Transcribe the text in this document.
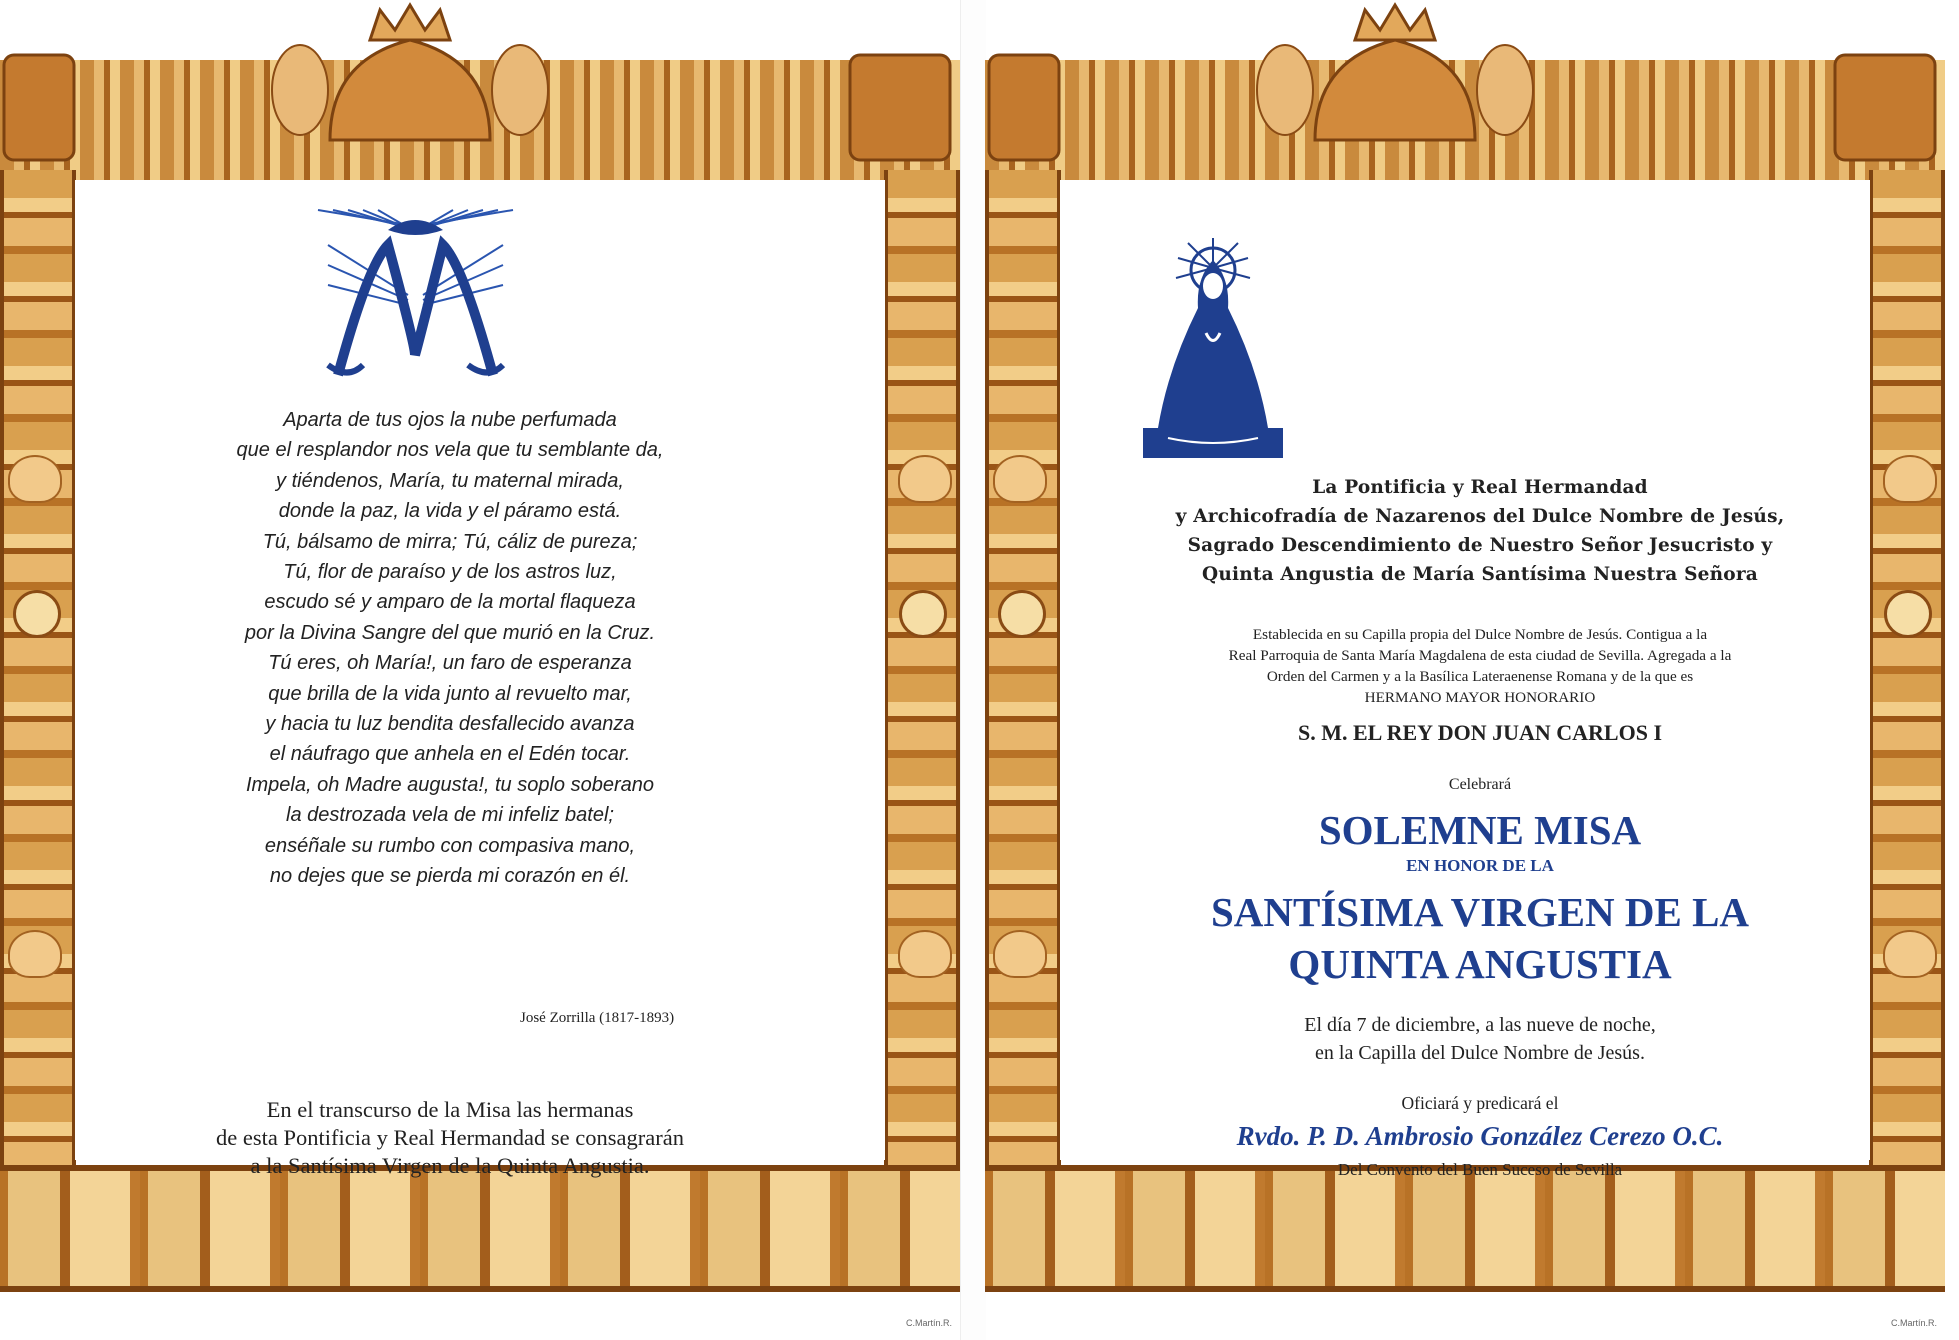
Aparta de tus ojos la nube perfumada
que el resplandor nos vela que tu semblante da,
y tiéndenos, María, tu maternal mirada,
donde la paz, la vida y el páramo está.
Tú, bálsamo de mirra; Tú, cáliz de pureza;
Tú, flor de paraíso y de los astros luz,
escudo sé y amparo de la mortal flaqueza
por la Divina Sangre del que murió en la Cruz.
Tú eres, oh María!, un faro de esperanza
que brilla de la vida junto al revuelto mar,
y hacia tu luz bendita desfallecido avanza
el náufrago que anhela en el Edén tocar.
Impela, oh Madre augusta!, tu soplo soberano
la destrozada vela de mi infeliz batel;
enséñale su rumbo con compasiva mano,
no dejes que se pierda mi corazón en él.
José Zorrilla (1817-1893)
En el transcurso de la Misa las hermanas
de esta Pontificia y Real Hermandad se consagrarán
a la Santísima Virgen de la Quinta Angustia.
C.Martín.R.	C.Martín.R.
La Pontificia y Real Hermandad
y Archicofradía de Nazarenos del Dulce Nombre de Jesús,
Sagrado Descendimiento de Nuestro Señor Jesucristo y
Quinta Angustia de María Santísima Nuestra Señora
Establecida en su Capilla propia del Dulce Nombre de Jesús. Contigua a la
Real Parroquia de Santa María Magdalena de esta ciudad de Sevilla. Agregada a la
Orden del Carmen y a la Basílica Lateraenense Romana y de la que es
HERMANO MAYOR HONORARIO
S. M. EL REY DON JUAN CARLOS I
Celebrará
SOLEMNE MISA
EN HONOR DE LA
SANTÍSIMA VIRGEN DE LA
QUINTA ANGUSTIA
El día 7 de diciembre, a las nueve de noche,
en la Capilla del Dulce Nombre de Jesús.
Oficiará y predicará el
Rvdo. P. D. Ambrosio González Cerezo O.C.
Del Convento del Buen Suceso de Sevilla
